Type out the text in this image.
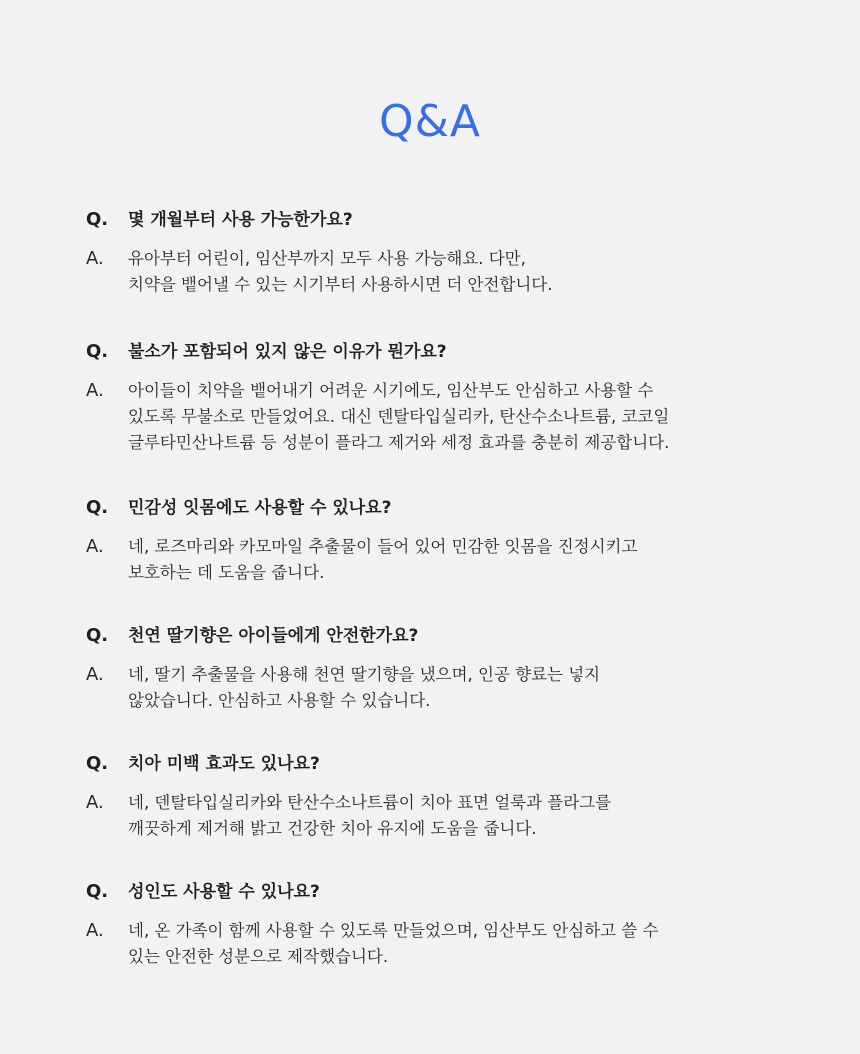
Q&A
Q.	몇 개월부터 사용 가능한가요?
A.	유아부터 어린이, 임산부까지 모두 사용 가능해요. 다만,
치약을 뱉어낼 수 있는 시기부터 사용하시면 더 안전합니다.
Q.	불소가 포함되어 있지 않은 이유가 뭔가요?
A.	아이들이 치약을 뱉어내기 어려운 시기에도, 임산부도 안심하고 사용할 수
있도록 무불소로 만들었어요. 대신 덴탈타입실리카, 탄산수소나트륨, 코코일
글루타민산나트륨 등 성분이 플라그 제거와 세정 효과를 충분히 제공합니다.
Q.	민감성 잇몸에도 사용할 수 있나요?
A.	네, 로즈마리와 카모마일 추출물이 들어 있어 민감한 잇몸을 진정시키고
보호하는 데 도움을 줍니다.
Q.	천연 딸기향은 아이들에게 안전한가요?
A.	네, 딸기 추출물을 사용해 천연 딸기향을 냈으며, 인공 향료는 넣지
않았습니다. 안심하고 사용할 수 있습니다.
Q.	치아 미백 효과도 있나요?
A.	네, 덴탈타입실리카와 탄산수소나트륨이 치아 표면 얼룩과 플라그를
깨끗하게 제거해 밝고 건강한 치아 유지에 도움을 줍니다.
Q.	성인도 사용할 수 있나요?
A.	네, 온 가족이 함께 사용할 수 있도록 만들었으며, 임산부도 안심하고 쓸 수
있는 안전한 성분으로 제작했습니다.
